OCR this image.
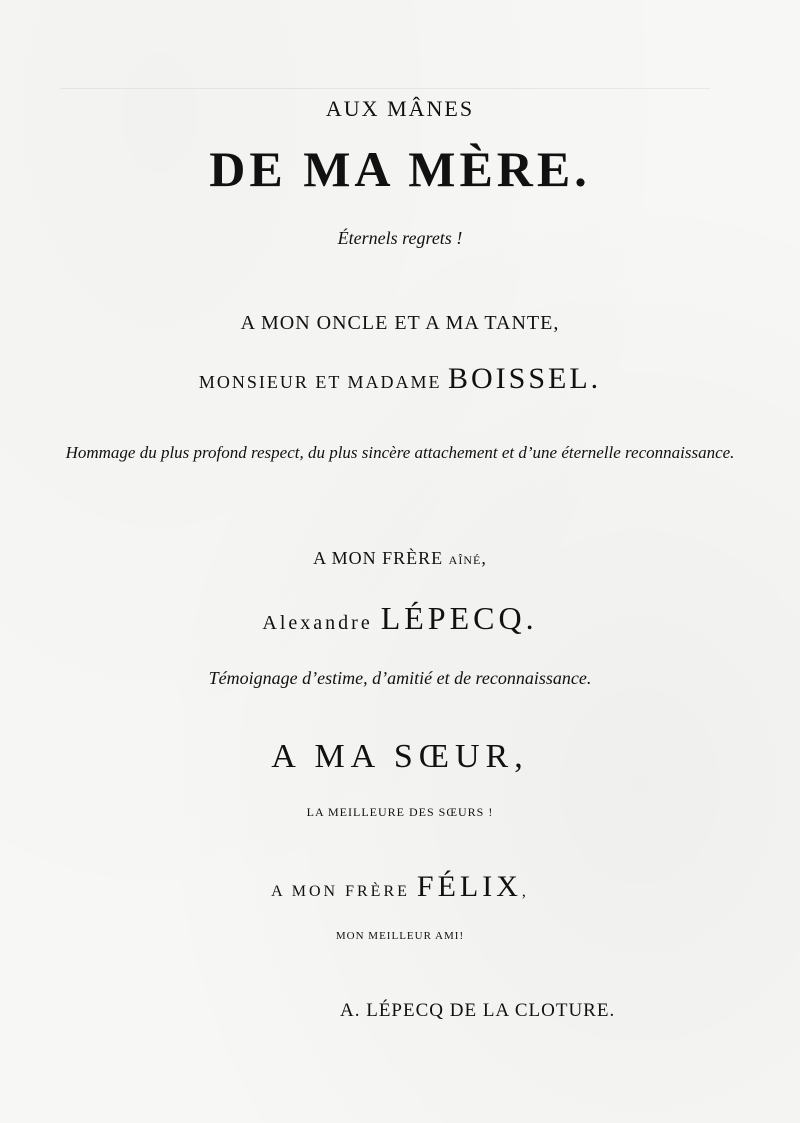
AUX MÂNES
DE MA MÈRE.
Éternels regrets !
A MON ONCLE ET A MA TANTE,
MONSIEUR ET MADAME BOISSEL.
Hommage du plus profond respect, du plus sincère attachement et d’une éternelle reconnaissance.
A MON FRÈRE AÎNÉ,
Alexandre LÉPECQ.
Témoignage d’estime, d’amitié et de reconnaissance.
A MA SŒUR,
LA MEILLEURE DES SŒURS !
A MON FRÈRE FÉLIX,
MON MEILLEUR AMI!
A. LÉPECQ DE LA CLOTURE.
